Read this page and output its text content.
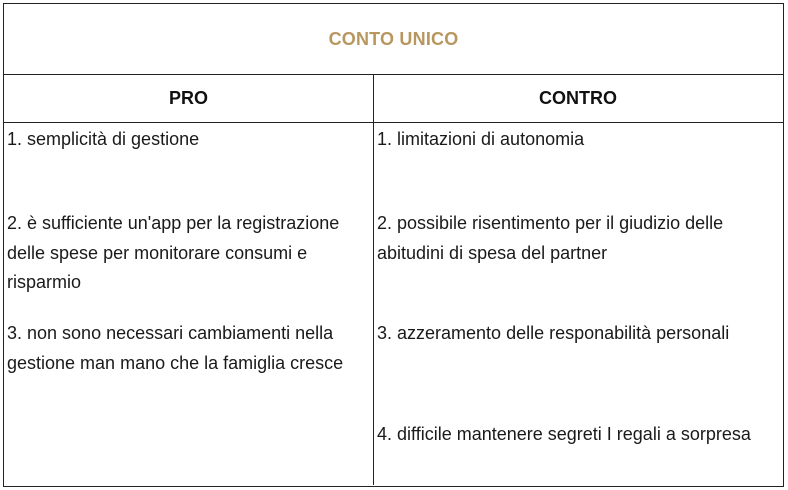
CONTO UNICO
PRO	CONTRO
1. semplicità di gestione
2. è sufficiente un'app per la registrazione delle spese per monitorare consumi e risparmio
3. non sono necessari cambiamenti nella gestione man mano che la famiglia cresce
1. limitazioni di autonomia
2. possibile risentimento per il giudizio delle abitudini di spesa del partner
3. azzeramento delle responabilità personali
4. difficile mantenere segreti I regali a sorpresa
